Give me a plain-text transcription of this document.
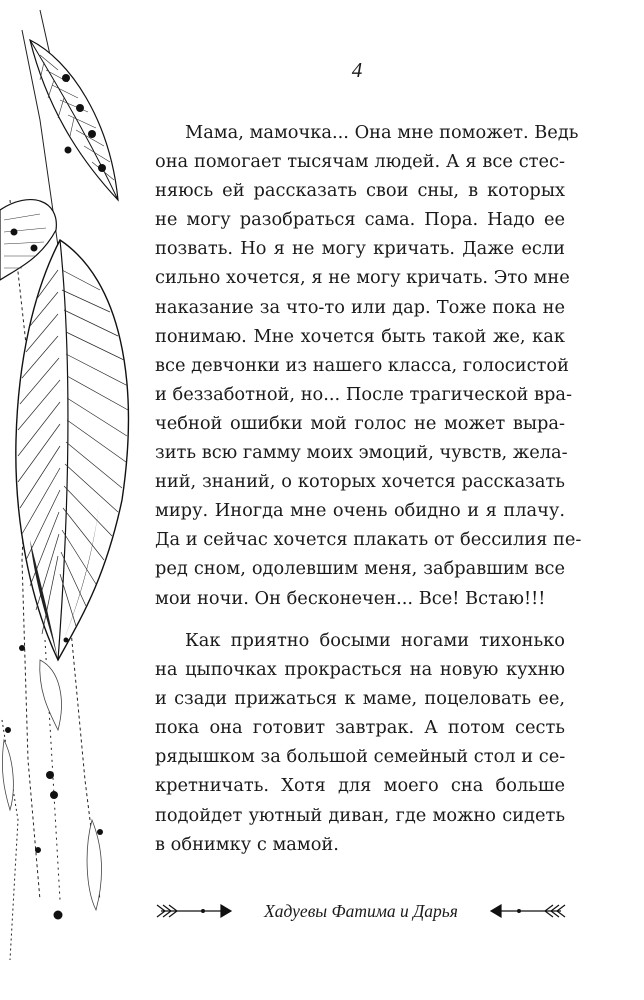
4
Мама, мамочка... Она мне поможет. Ведь
она помогает тысячам людей. А я все стес-
няюсь ей рассказать свои сны, в которых
не могу разобраться сама. Пора. Надо ее
позвать. Но я не могу кричать. Даже если
сильно хочется, я не могу кричать. Это мне
наказание за что-то или дар. Тоже пока не
понимаю. Мне хочется быть такой же, как
все девчонки из нашего класса, голосистой
и беззаботной, но... После трагической вра-
чебной ошибки мой голос не может выра-
зить всю гамму моих эмоций, чувств, жела-
ний, знаний, о которых хочется рассказать
миру. Иногда мне очень обидно и я плачу.
Да и сейчас хочется плакать от бессилия пе-
ред сном, одолевшим меня, забравшим все
мои ночи. Он бесконечен... Все! Встаю!!!
Как приятно босыми ногами тихонько
на цыпочках прокрасться на новую кухню
и сзади прижаться к маме, поцеловать ее,
пока она готовит завтрак. А потом сесть
рядышком за большой семейный стол и се-
кретничать. Хотя для моего сна больше
подойдет уютный диван, где можно сидеть
в обнимку с мамой.
Хадуевы Фатима и Дарья
